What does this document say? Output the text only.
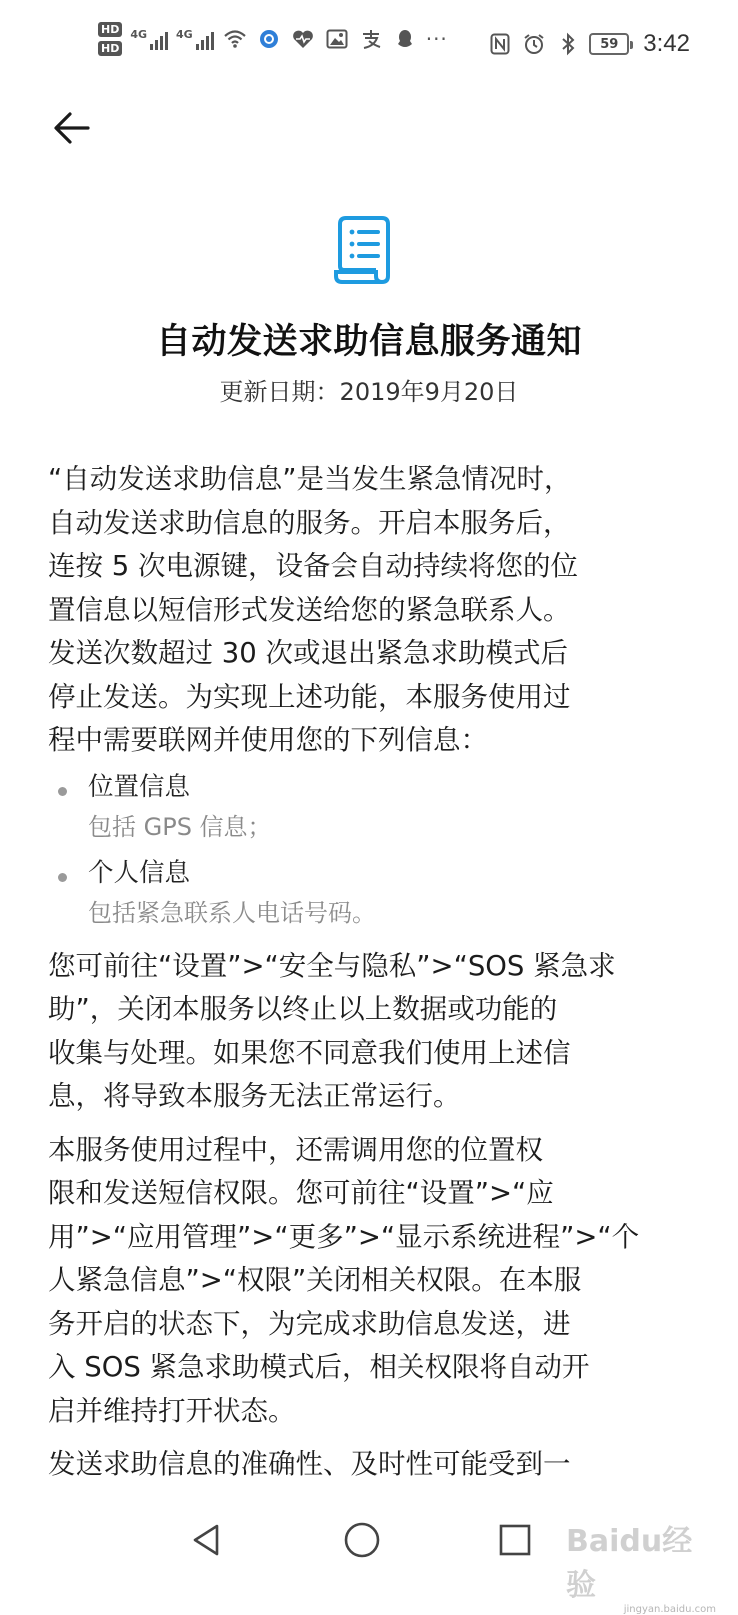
HD
HD
4G	4G	···	59 3:42
自动发送求助信息服务通知
更新日期：2019年9月20日
“自动发送求助信息”是当发生紧急情况时，
自动发送求助信息的服务。开启本服务后，
连按 5 次电源键，设备会自动持续将您的位
置信息以短信形式发送给您的紧急联系人。
发送次数超过 30 次或退出紧急求助模式后
停止发送。为实现上述功能，本服务使用过
程中需要联网并使用您的下列信息：
位置信息
包括 GPS 信息；
个人信息
包括紧急联系人电话号码。
您可前往“设置”>“安全与隐私”>“SOS 紧急求
助”，关闭本服务以终止以上数据或功能的
收集与处理。如果您不同意我们使用上述信
息，将导致本服务无法正常运行。
本服务使用过程中，还需调用您的位置权
限和发送短信权限。您可前往“设置”>“应
用”>“应用管理”>“更多”>“显示系统进程”>“个
人紧急信息”>“权限”关闭相关权限。在本服
务开启的状态下，为完成求助信息发送，进
入 SOS 紧急求助模式后，相关权限将自动开
启并维持打开状态。
发送求助信息的准确性、及时性可能受到一
Baidu经验
jingyan.baidu.com
